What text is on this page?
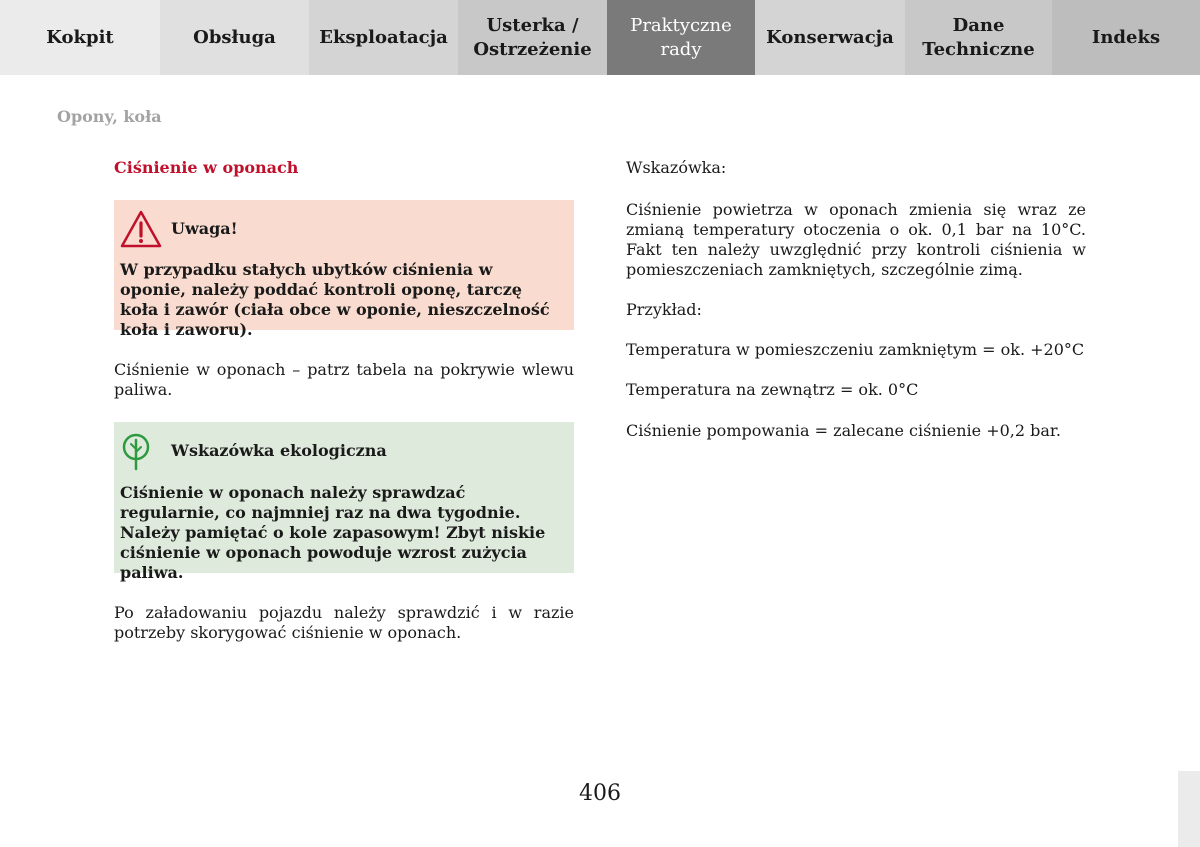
Kokpit	Obsługa	Eksploatacja
Usterka /
Ostrzeżenie
Praktyczne
rady
Konserwacja
Dane
Techniczne
Indeks
Opony, koła
Ciśnienie w oponach
Uwaga!
W przypadku stałych ubytków ciśnienia w oponie, należy poddać kontroli oponę, tarczę koła i zawór (ciała obce w oponie, nieszczelność koła i zaworu).

Ciśnienie w oponach – patrz tabela na pokrywie wlewu paliwa.

Wskazówka ekologiczna
Ciśnienie w oponach należy sprawdzać regularnie, co najmniej raz na dwa tygodnie. Należy pamiętać o kole zapasowym! Zbyt niskie ciśnienie w oponach powoduje wzrost zużycia paliwa.

Po załadowaniu pojazdu należy sprawdzić i w razie potrzeby skorygować ciśnienie w oponach.

Wskazówka:

Ciśnienie powietrza w oponach zmienia się wraz ze zmianą temperatury otoczenia o ok. 0,1 bar na 10°C. Fakt ten należy uwzględnić przy kontroli ciśnienia w pomieszczeniach zamkniętych, szczególnie zimą.

Przykład:

Temperatura w pomieszczeniu zamkniętym = ok. +20°C

Temperatura na zewnątrz = ok. 0°C

Ciśnienie pompowania = zalecane ciśnienie +0,2 bar.

406
